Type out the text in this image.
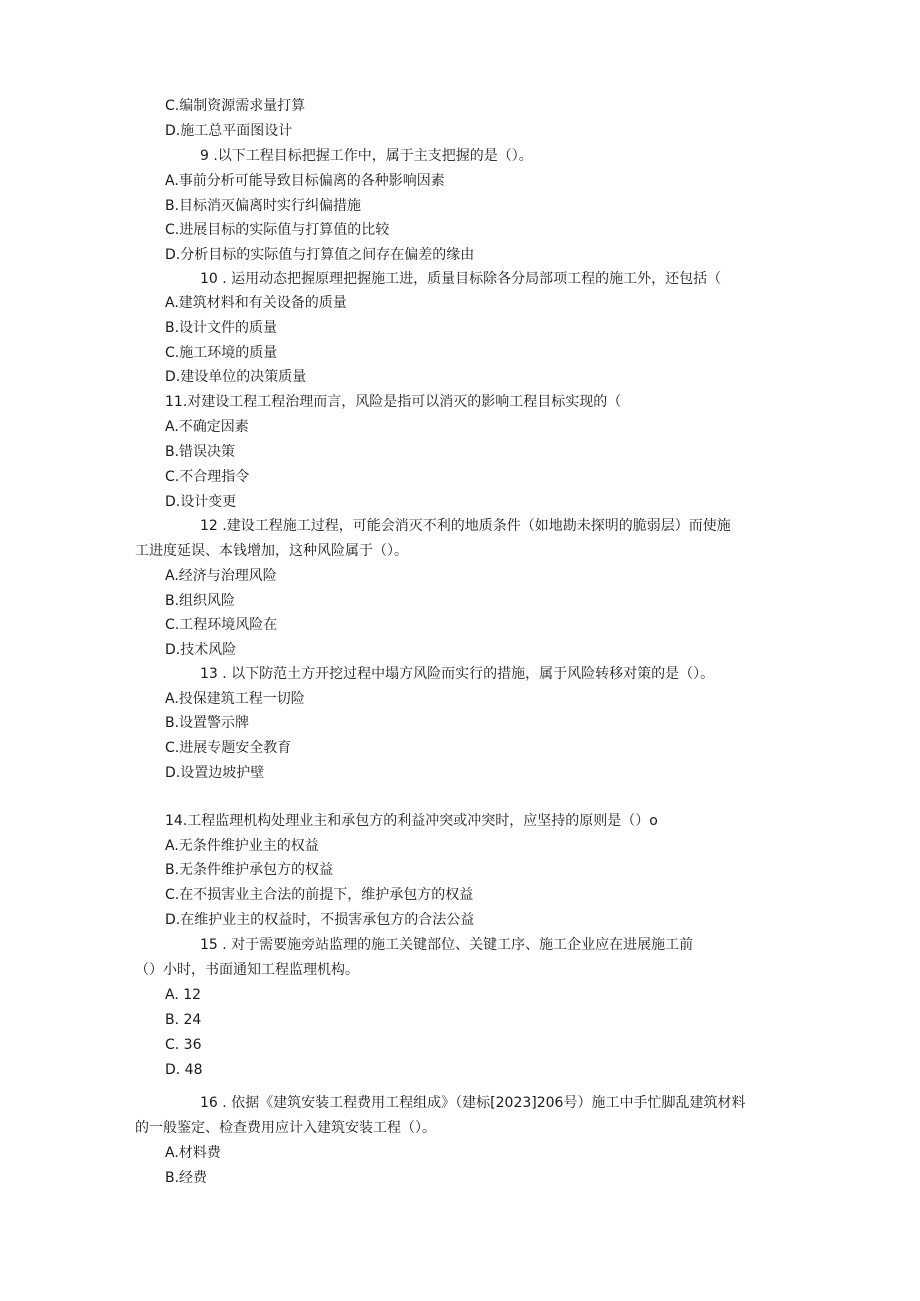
C.编制资源需求量打算
D.施工总平面图设计
9 .以下工程目标把握工作中，属于主支把握的是（）。
A.事前分析可能导致目标偏离的各种影响因素
B.目标消灭偏离时实行纠偏措施
C.进展目标的实际值与打算值的比较
D.分析目标的实际值与打算值之间存在偏差的缘由
10 . 运用动态把握原理把握施工进，质量目标除各分局部项工程的施工外，还包括（
A.建筑材料和有关设备的质量
B.设计文件的质量
C.施工环境的质量
D.建设单位的决策质量
11.对建设工程工程治理而言，风险是指可以消灭的影响工程目标实现的（
A.不确定因素
B.错误决策
C.不合理指令
D.设计变更
12 .建设工程施工过程，可能会消灭不利的地质条件（如地勘未探明的脆弱层）而使施
工进度延误、本钱增加，这种风险属于（）。
A.经济与治理风险
B.组织风险
C.工程环境风险在
D.技术风险
13 . 以下防范土方开挖过程中塌方风险而实行的措施，属于风险转移对策的是（）。
A.投保建筑工程一切险
B.设置警示牌
C.进展专题安全教育
D.设置边坡护壁
14.工程监理机构处理业主和承包方的利益冲突或冲突时，应坚持的原则是（）o
A.无条件维护业主的权益
B.无条件维护承包方的权益
C.在不损害业主合法的前提下，维护承包方的权益
D.在维护业主的权益时，不损害承包方的合法公益
15 . 对于需要施旁站监理的施工关键部位、关键工序、施工企业应在进展施工前
（）小时，书面通知工程监理机构。
A. 12
B. 24
C. 36
D. 48
16 . 依据《建筑安装工程费用工程组成》（建标[2023]206号）施工中手忙脚乱建筑材料
的一般鉴定、检查费用应计入建筑安装工程（）。
A.材料费
B.经费
